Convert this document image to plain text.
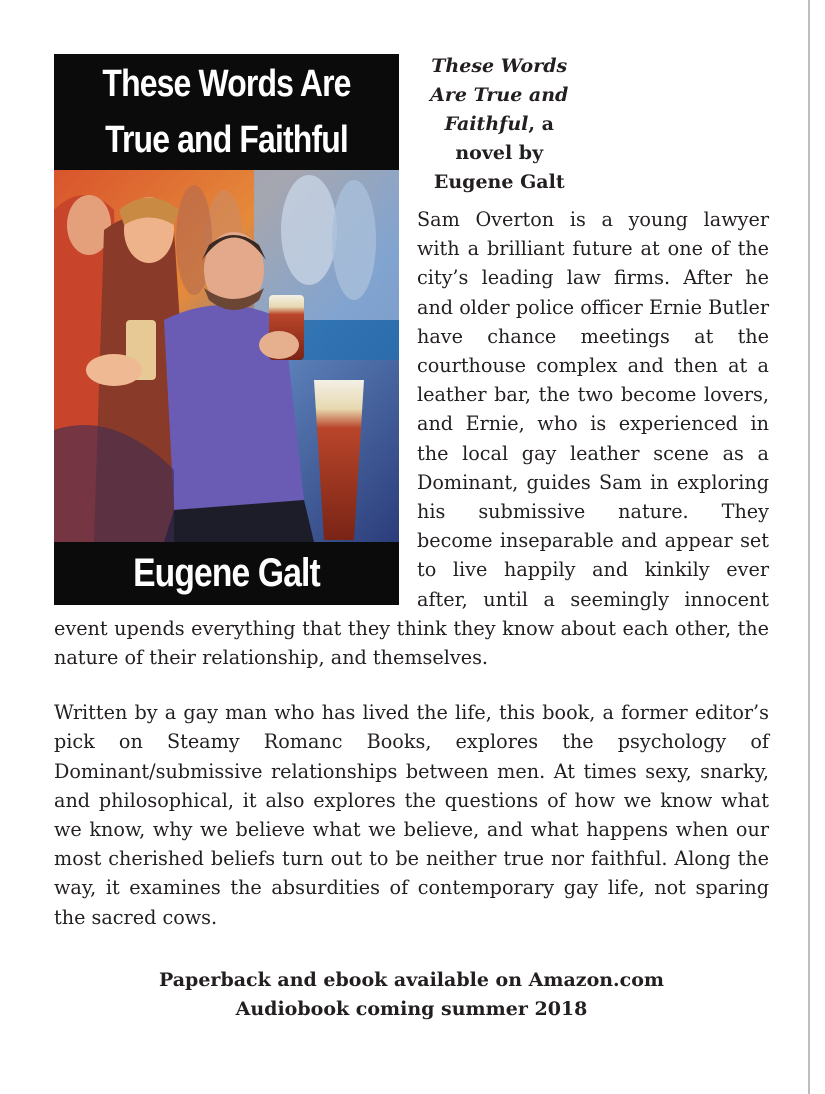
These Words Are True and Faithful
Eugene Galt
These Words Are True and Faithful, a novel by Eugene Galt

Sam Overton is a young lawyer with a brilliant future at one of the city’s leading law firms. After he and older police officer Ernie Butler have chance meetings at the courthouse complex and then at a leather bar, the two become lovers, and Ernie, who is experienced in the local gay leather scene as a Dominant, guides Sam in exploring his submissive nature. They become inseparable and appear set to live happily and kinkily ever after, until a seemingly innocent event upends everything that they think they know about each other, the nature of their relationship, and themselves.

Written by a gay man who has lived the life, this book, a former editor’s pick on Steamy Romanc Books, explores the psychology of Dominant/submissive relationships between men. At times sexy, snarky, and philosophical, it also explores the questions of how we know what we know, why we believe what we believe, and what happens when our most cherished beliefs turn out to be neither true nor faithful. Along the way, it examines the absurdities of contemporary gay life, not sparing the sacred cows.

Paperback and ebook available on Amazon.com
Audiobook coming summer 2018
